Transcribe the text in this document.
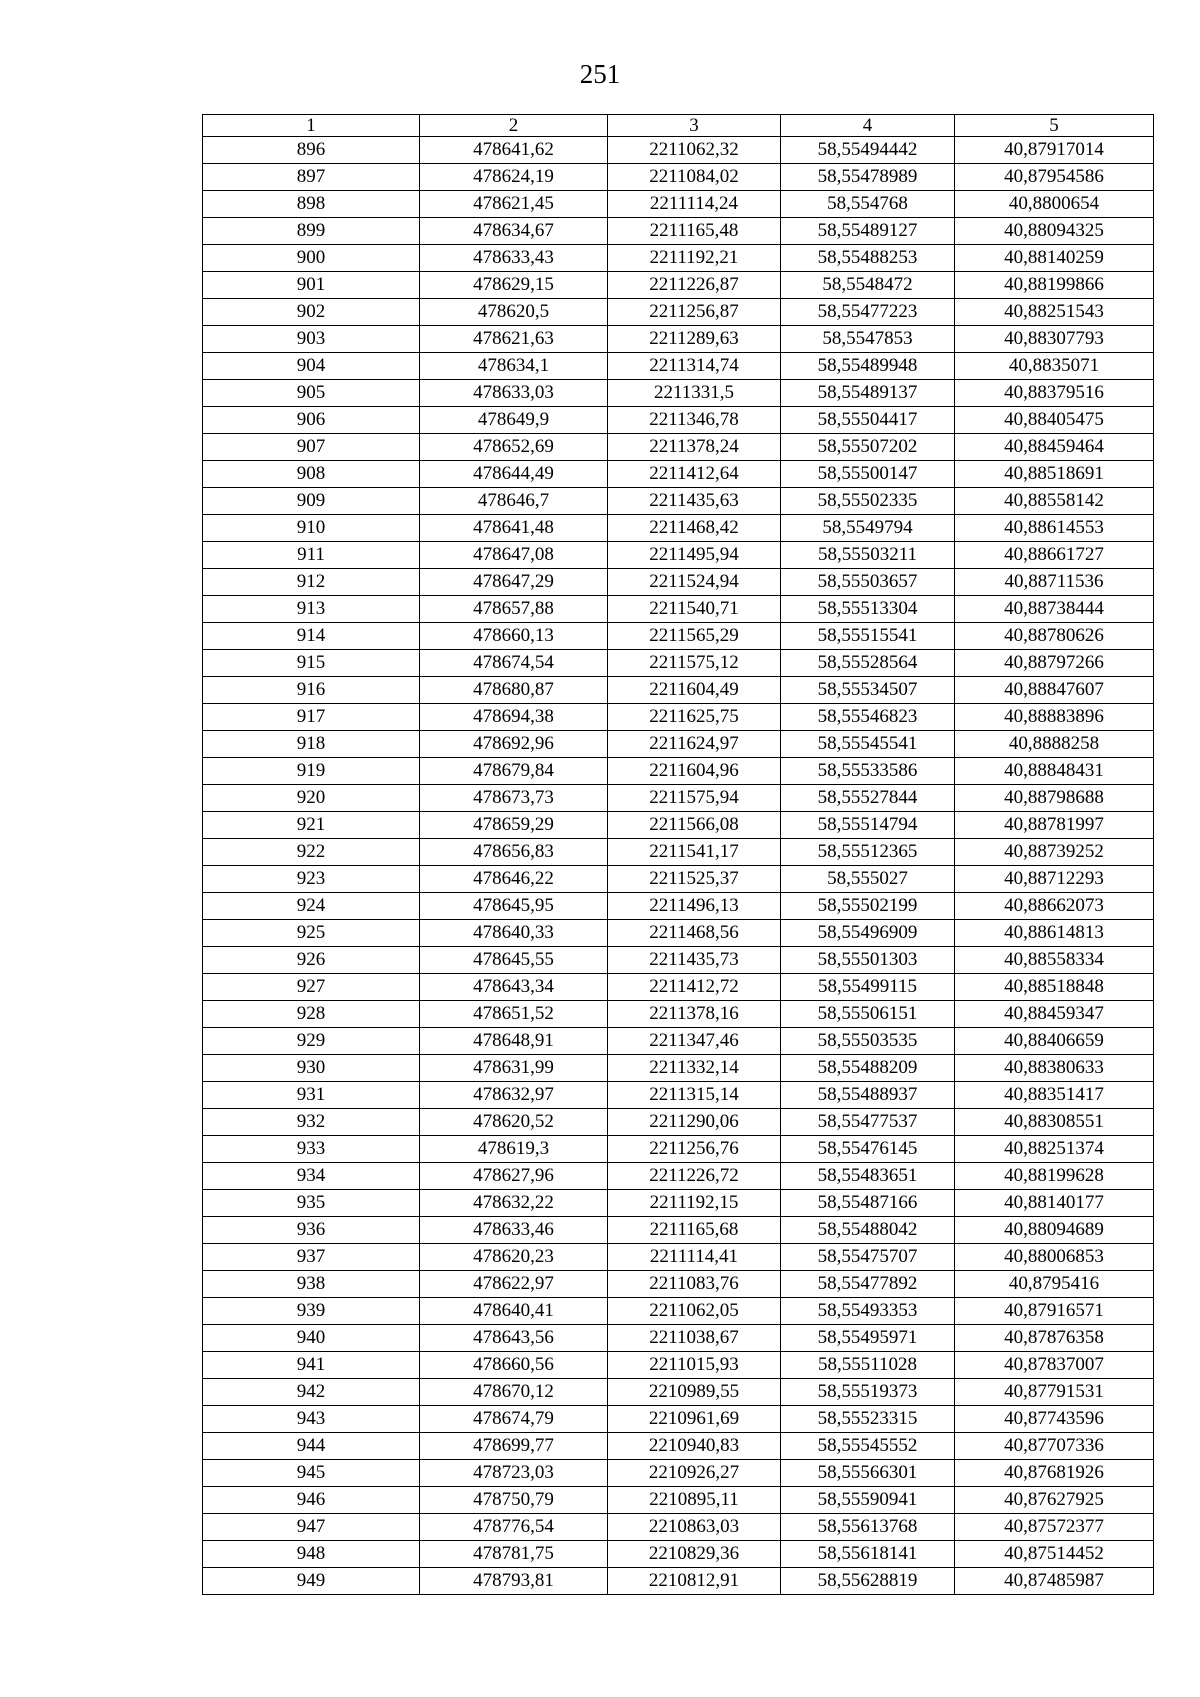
251
1	2	3	4	5
896	478641,62	2211062,32	58,55494442	40,87917014
897	478624,19	2211084,02	58,55478989	40,87954586
898	478621,45	2211114,24	58,554768	40,8800654
899	478634,67	2211165,48	58,55489127	40,88094325
900	478633,43	2211192,21	58,55488253	40,88140259
901	478629,15	2211226,87	58,5548472	40,88199866
902	478620,5	2211256,87	58,55477223	40,88251543
903	478621,63	2211289,63	58,5547853	40,88307793
904	478634,1	2211314,74	58,55489948	40,8835071
905	478633,03	2211331,5	58,55489137	40,88379516
906	478649,9	2211346,78	58,55504417	40,88405475
907	478652,69	2211378,24	58,55507202	40,88459464
908	478644,49	2211412,64	58,55500147	40,88518691
909	478646,7	2211435,63	58,55502335	40,88558142
910	478641,48	2211468,42	58,5549794	40,88614553
911	478647,08	2211495,94	58,55503211	40,88661727
912	478647,29	2211524,94	58,55503657	40,88711536
913	478657,88	2211540,71	58,55513304	40,88738444
914	478660,13	2211565,29	58,55515541	40,88780626
915	478674,54	2211575,12	58,55528564	40,88797266
916	478680,87	2211604,49	58,55534507	40,88847607
917	478694,38	2211625,75	58,55546823	40,88883896
918	478692,96	2211624,97	58,55545541	40,8888258
919	478679,84	2211604,96	58,55533586	40,88848431
920	478673,73	2211575,94	58,55527844	40,88798688
921	478659,29	2211566,08	58,55514794	40,88781997
922	478656,83	2211541,17	58,55512365	40,88739252
923	478646,22	2211525,37	58,555027	40,88712293
924	478645,95	2211496,13	58,55502199	40,88662073
925	478640,33	2211468,56	58,55496909	40,88614813
926	478645,55	2211435,73	58,55501303	40,88558334
927	478643,34	2211412,72	58,55499115	40,88518848
928	478651,52	2211378,16	58,55506151	40,88459347
929	478648,91	2211347,46	58,55503535	40,88406659
930	478631,99	2211332,14	58,55488209	40,88380633
931	478632,97	2211315,14	58,55488937	40,88351417
932	478620,52	2211290,06	58,55477537	40,88308551
933	478619,3	2211256,76	58,55476145	40,88251374
934	478627,96	2211226,72	58,55483651	40,88199628
935	478632,22	2211192,15	58,55487166	40,88140177
936	478633,46	2211165,68	58,55488042	40,88094689
937	478620,23	2211114,41	58,55475707	40,88006853
938	478622,97	2211083,76	58,55477892	40,8795416
939	478640,41	2211062,05	58,55493353	40,87916571
940	478643,56	2211038,67	58,55495971	40,87876358
941	478660,56	2211015,93	58,55511028	40,87837007
942	478670,12	2210989,55	58,55519373	40,87791531
943	478674,79	2210961,69	58,55523315	40,87743596
944	478699,77	2210940,83	58,55545552	40,87707336
945	478723,03	2210926,27	58,55566301	40,87681926
946	478750,79	2210895,11	58,55590941	40,87627925
947	478776,54	2210863,03	58,55613768	40,87572377
948	478781,75	2210829,36	58,55618141	40,87514452
949	478793,81	2210812,91	58,55628819	40,87485987
